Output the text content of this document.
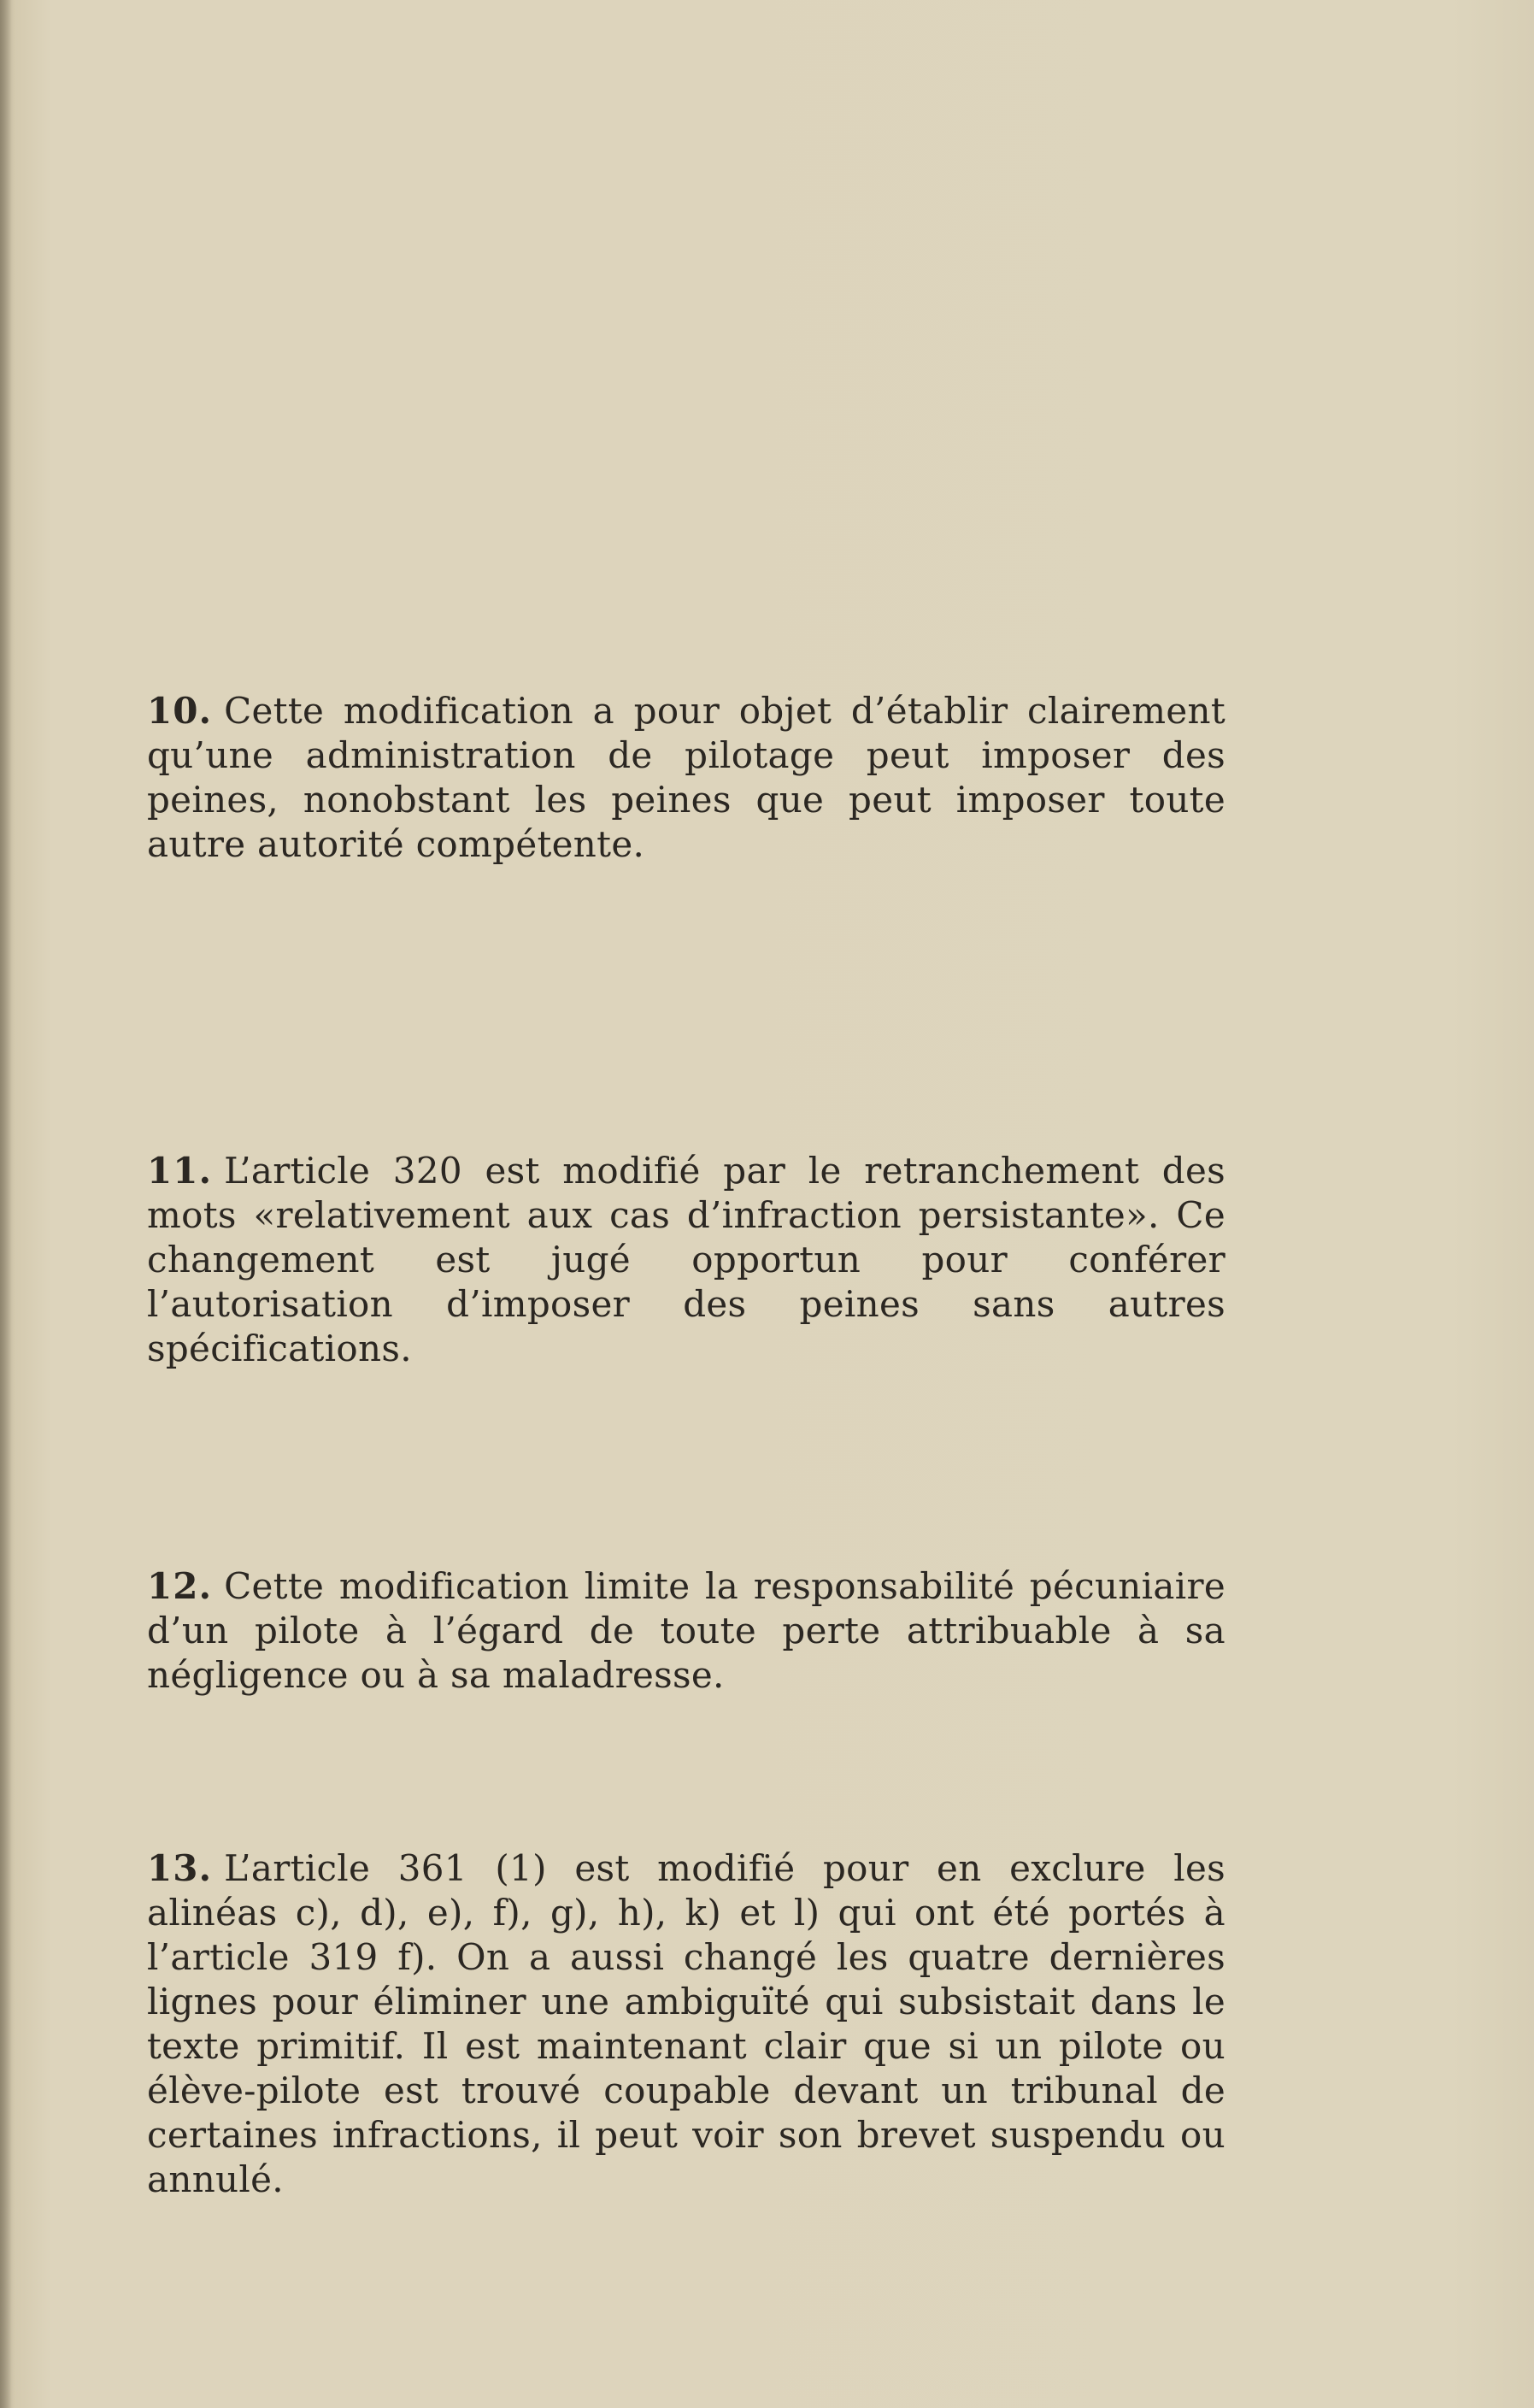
10. Cette modification a pour objet d’établir clairement qu’une administration de pilotage peut imposer des peines, nonobstant les peines que peut imposer toute autre autorité compétente.

11. L’article 320 est modifié par le retranchement des mots «relativement aux cas d’infraction persistante». Ce changement est jugé opportun pour conférer l’autorisation d’imposer des peines sans autres spécifications.

12. Cette modification limite la responsabilité pécuniaire d’un pilote à l’égard de toute perte attribuable à sa négligence ou à sa maladresse.

13. L’article 361 (1) est modifié pour en exclure les alinéas c), d), e), f), g), h), k) et l) qui ont été portés à l’article 319 f). On a aussi changé les quatre dernières lignes pour éliminer une ambiguïté qui subsistait dans le texte primitif. Il est maintenant clair que si un pilote ou élève-pilote est trouvé coupable devant un tribunal de certaines infractions, il peut voir son brevet suspendu ou annulé.
